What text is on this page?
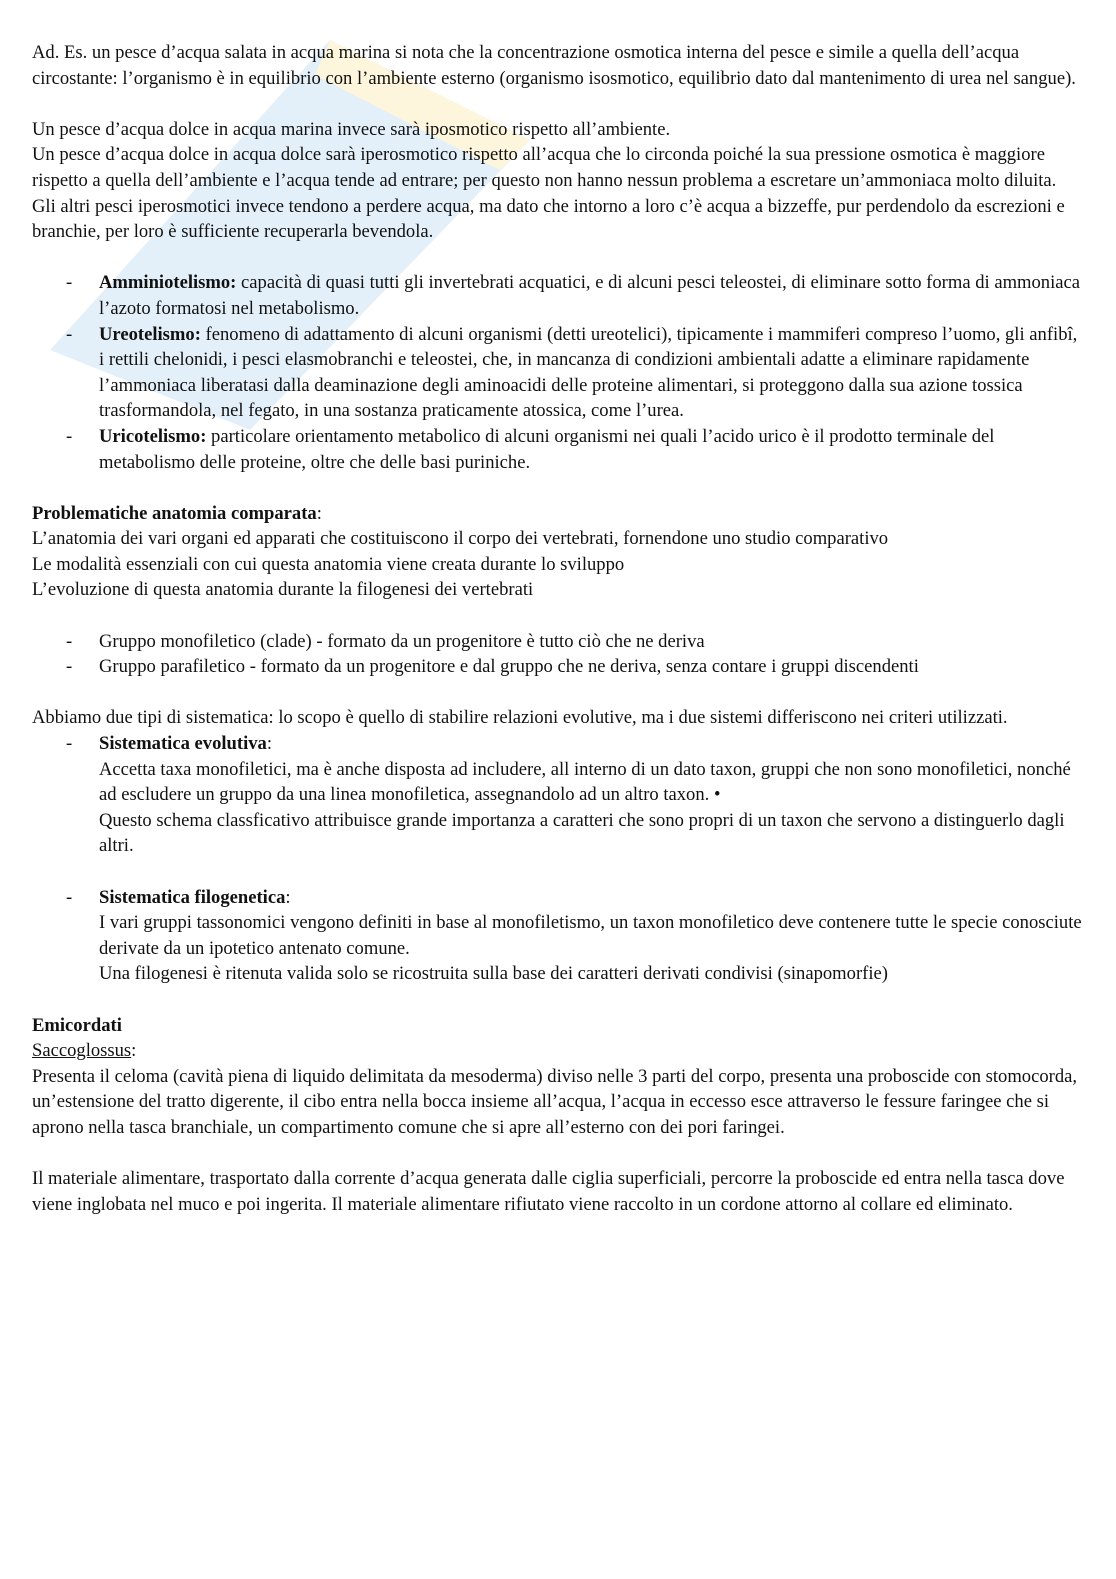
Ad. Es. un pesce d’acqua salata in acqua marina si nota che la concentrazione osmotica interna del pesce e simile a quella dell’acqua circostante: l’organismo è in equilibrio con l’ambiente esterno (organismo isosmotico, equilibrio dato dal mantenimento di urea nel sangue).

Un pesce d’acqua dolce in acqua marina invece sarà iposmotico rispetto all’ambiente.

Un pesce d’acqua dolce in acqua dolce sarà iperosmotico rispetto all’acqua che lo circonda poiché la sua pressione osmotica è maggiore rispetto a quella dell’ambiente e l’acqua tende ad entrare; per questo non hanno nessun problema a escretare un’ammoniaca molto diluita.

Gli altri pesci iperosmotici invece tendono a perdere acqua, ma dato che intorno a loro c’è acqua a bizzeffe, pur perdendolo da escrezioni e branchie, per loro è sufficiente recuperarla bevendola.

- Amminiotelismo: capacità di quasi tutti gli invertebrati acquatici, e di alcuni pesci teleostei, di eliminare sotto forma di ammoniaca l’azoto formatosi nel metabolismo.
- Ureotelismo: fenomeno di adattamento di alcuni organismi (detti ureotelici), tipicamente i mammiferi compreso l’uomo, gli anfibî, i rettili chelonidi, i pesci elasmobranchi e teleostei, che, in mancanza di condizioni ambientali adatte a eliminare rapidamente l’ammoniaca liberatasi dalla deaminazione degli aminoacidi delle proteine alimentari, si proteggono dalla sua azione tossica trasformandola, nel fegato, in una sostanza praticamente atossica, come l’urea.
- Uricotelismo: particolare orientamento metabolico di alcuni organismi nei quali l’acido urico è il prodotto terminale del metabolismo delle proteine, oltre che delle basi puriniche.

Problematiche anatomia comparata:

L’anatomia dei vari organi ed apparati che costituiscono il corpo dei vertebrati, fornendone uno studio comparativo

Le modalità essenziali con cui questa anatomia viene creata durante lo sviluppo

L’evoluzione di questa anatomia durante la filogenesi dei vertebrati

- Gruppo monofiletico (clade) - formato da un progenitore è tutto ciò che ne deriva
- Gruppo parafiletico - formato da un progenitore e dal gruppo che ne deriva, senza contare i gruppi discendenti

Abbiamo due tipi di sistematica: lo scopo è quello di stabilire relazioni evolutive, ma i due sistemi differiscono nei criteri utilizzati.

- Sistematica evolutiva:

Accetta taxa monofiletici, ma è anche disposta ad includere, all interno di un dato taxon, gruppi che non sono monofiletici, nonché ad escludere un gruppo da una linea monofiletica, assegnandolo ad un altro taxon. •

Questo schema classficativo attribuisce grande importanza a caratteri che sono propri di un taxon che servono a distinguerlo dagli altri.

- Sistematica filogenetica:

I vari gruppi tassonomici vengono definiti in base al monofiletismo, un taxon monofiletico deve contenere tutte le specie conosciute derivate da un ipotetico antenato comune.

Una filogenesi è ritenuta valida solo se ricostruita sulla base dei caratteri derivati condivisi (sinapomorfie)

Emicordati

Saccoglossus:

Presenta il celoma (cavità piena di liquido delimitata da mesoderma) diviso nelle 3 parti del corpo, presenta una proboscide con stomocorda, un’estensione del tratto digerente, il cibo entra nella bocca insieme all’acqua, l’acqua in eccesso esce attraverso le fessure faringee che si aprono nella tasca branchiale, un compartimento comune che si apre all’esterno con dei pori faringei.

Il materiale alimentare, trasportato dalla corrente d’acqua generata dalle ciglia superficiali, percorre la proboscide ed entra nella tasca dove viene inglobata nel muco e poi ingerita. Il materiale alimentare rifiutato viene raccolto in un cordone attorno al collare ed eliminato.
